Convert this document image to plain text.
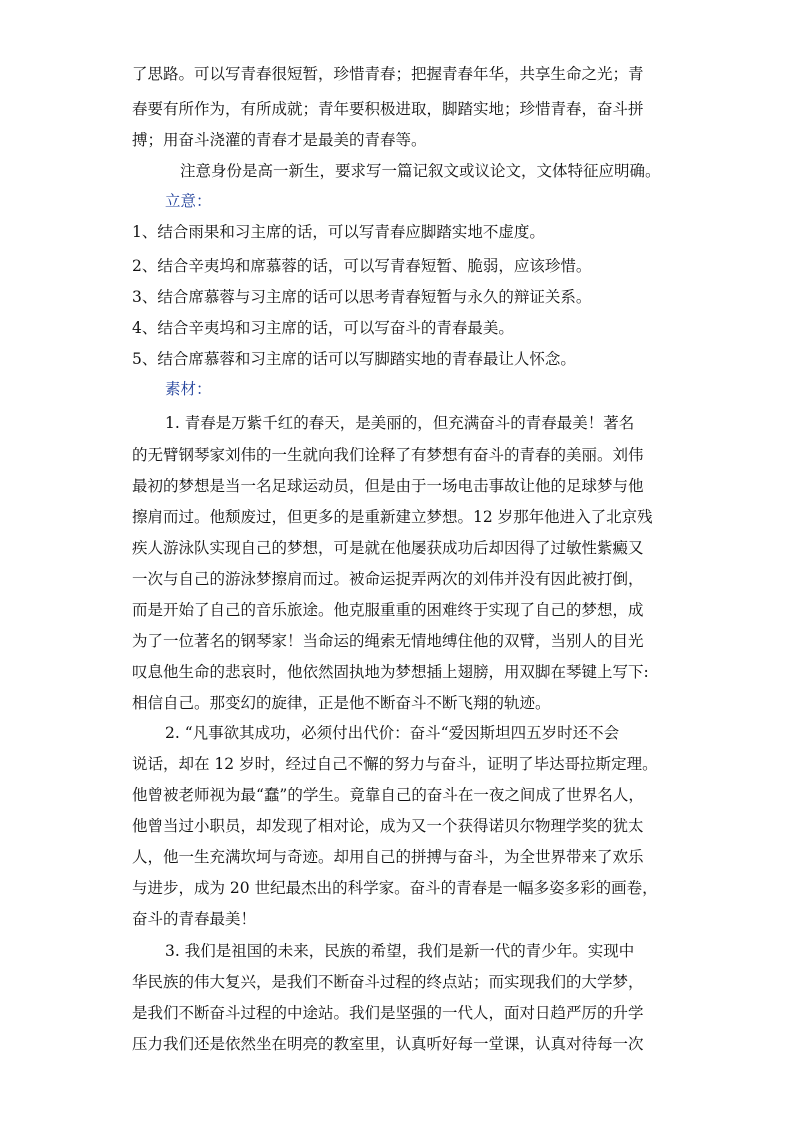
了思路。可以写青春很短暂，珍惜青春；把握青春年华，共享生命之光；青
春要有所作为，有所成就；青年要积极进取，脚踏实地；珍惜青春，奋斗拼
搏；用奋斗浇灌的青春才是最美的青春等。
注意身份是高一新生，要求写一篇记叙文或议论文，文体特征应明确。
立意：
1、结合雨果和习主席的话，可以写青春应脚踏实地不虚度。
2、结合辛夷坞和席慕蓉的话，可以写青春短暂、脆弱，应该珍惜。
3、结合席慕蓉与习主席的话可以思考青春短暂与永久的辩证关系。
4、结合辛夷坞和习主席的话，可以写奋斗的青春最美。
5、结合席慕蓉和习主席的话可以写脚踏实地的青春最让人怀念。
素材：
1. 青春是万紫千红的春天，是美丽的，但充满奋斗的青春最美！著名
的无臂钢琴家刘伟的一生就向我们诠释了有梦想有奋斗的青春的美丽。刘伟
最初的梦想是当一名足球运动员，但是由于一场电击事故让他的足球梦与他
擦肩而过。他颓废过，但更多的是重新建立梦想。12 岁那年他进入了北京残
疾人游泳队实现自己的梦想，可是就在他屡获成功后却因得了过敏性紫癜又
一次与自己的游泳梦擦肩而过。被命运捉弄两次的刘伟并没有因此被打倒，
而是开始了自己的音乐旅途。他克服重重的困难终于实现了自己的梦想，成
为了一位著名的钢琴家！当命运的绳索无情地缚住他的双臂，当别人的目光
叹息他生命的悲哀时，他依然固执地为梦想插上翅膀，用双脚在琴键上写下:
相信自己。那变幻的旋律，正是他不断奋斗不断飞翔的轨迹。
2. “凡事欲其成功，必须付出代价：奋斗“爱因斯坦四五岁时还不会
说话，却在 12 岁时，经过自己不懈的努力与奋斗，证明了毕达哥拉斯定理。
他曾被老师视为最“蠢”的学生。竟靠自己的奋斗在一夜之间成了世界名人，
他曾当过小职员，却发现了相对论，成为又一个获得诺贝尔物理学奖的犹太
人，他一生充满坎坷与奇迹。却用自己的拼搏与奋斗，为全世界带来了欢乐
与进步，成为 20 世纪最杰出的科学家。奋斗的青春是一幅多姿多彩的画卷，
奋斗的青春最美！
3. 我们是祖国的未来，民族的希望，我们是新一代的青少年。实现中
华民族的伟大复兴，是我们不断奋斗过程的终点站；而实现我们的大学梦，
是我们不断奋斗过程的中途站。我们是坚强的一代人，面对日趋严厉的升学
压力我们还是依然坐在明亮的教室里，认真听好每一堂课，认真对待每一次
